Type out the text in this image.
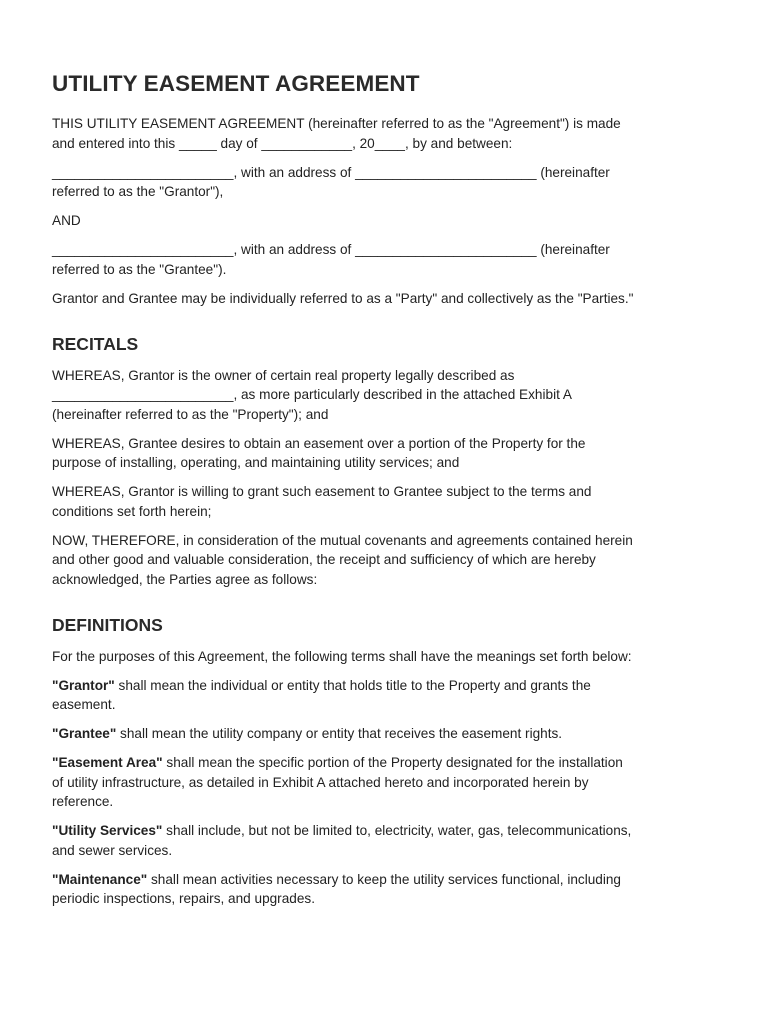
UTILITY EASEMENT AGREEMENT

THIS UTILITY EASEMENT AGREEMENT (hereinafter referred to as the "Agreement") is made
and entered into this _____ day of ____________, 20____, by and between:

________________________, with an address of ________________________ (hereinafter
referred to as the "Grantor"),

AND

________________________, with an address of ________________________ (hereinafter
referred to as the "Grantee").

Grantor and Grantee may be individually referred to as a "Party" and collectively as the "Parties."

RECITALS

WHEREAS, Grantor is the owner of certain real property legally described as
________________________, as more particularly described in the attached Exhibit A
(hereinafter referred to as the "Property"); and

WHEREAS, Grantee desires to obtain an easement over a portion of the Property for the
purpose of installing, operating, and maintaining utility services; and

WHEREAS, Grantor is willing to grant such easement to Grantee subject to the terms and
conditions set forth herein;

NOW, THEREFORE, in consideration of the mutual covenants and agreements contained herein
and other good and valuable consideration, the receipt and sufficiency of which are hereby
acknowledged, the Parties agree as follows:

DEFINITIONS

For the purposes of this Agreement, the following terms shall have the meanings set forth below:

"Grantor" shall mean the individual or entity that holds title to the Property and grants the
easement.

"Grantee" shall mean the utility company or entity that receives the easement rights.

"Easement Area" shall mean the specific portion of the Property designated for the installation
of utility infrastructure, as detailed in Exhibit A attached hereto and incorporated herein by
reference.

"Utility Services" shall include, but not be limited to, electricity, water, gas, telecommunications,
and sewer services.

"Maintenance" shall mean activities necessary to keep the utility services functional, including
periodic inspections, repairs, and upgrades.
